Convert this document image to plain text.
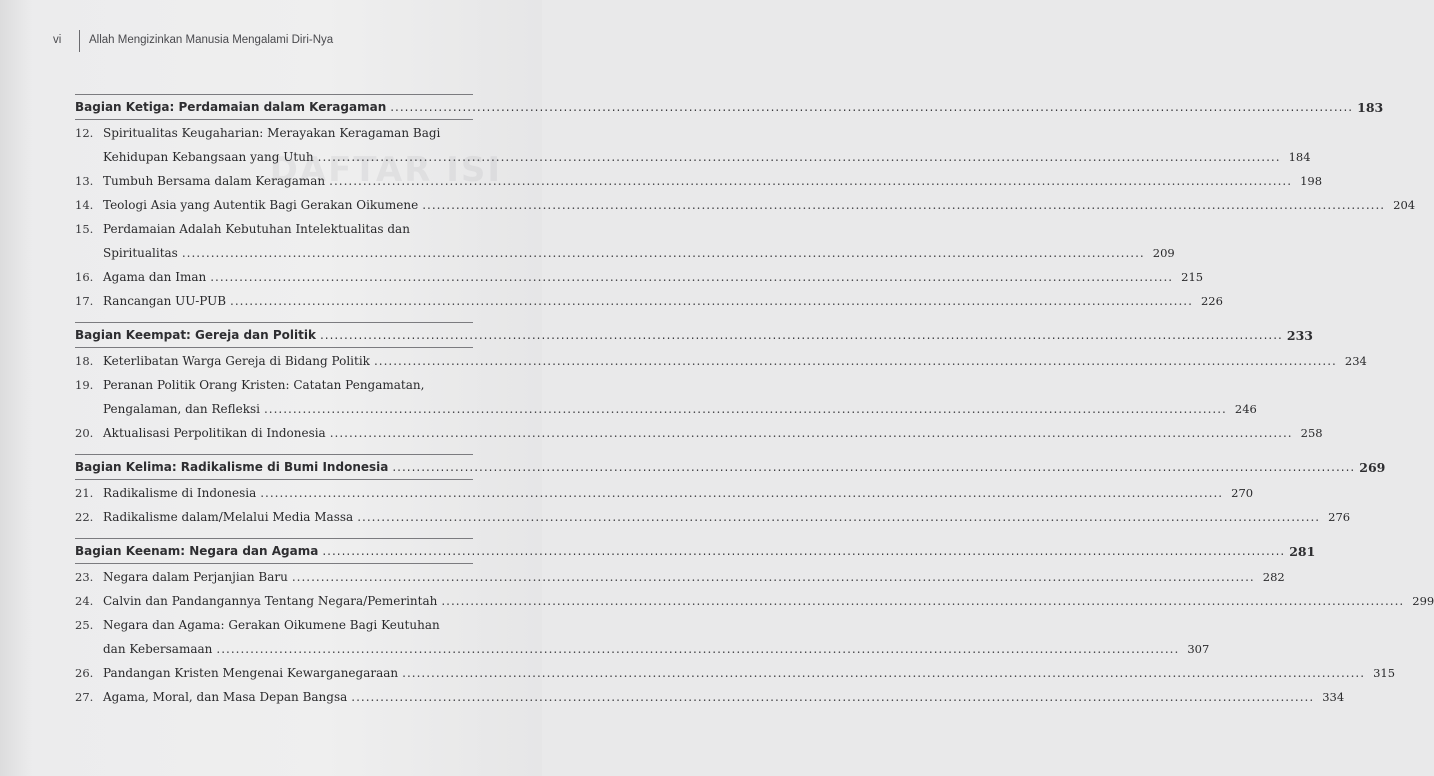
DAFTAR ISI
vi Allah Mengizinkan Manusia Mengalami Diri-Nya
Bagian Ketiga: Perdamaian dalam Keragaman .....	183
12. Spiritualitas Keugaharian: Merayakan Keragaman Bagi
Kehidupan Kebangsaan yang Utuh .....	184
13. Tumbuh Bersama dalam Keragaman .....	198
14. Teologi Asia yang Autentik Bagi Gerakan Oikumene .....	204
15. Perdamaian Adalah Kebutuhan Intelektualitas dan
Spiritualitas .....	209
16. Agama dan Iman .....	215
17. Rancangan UU-PUB .....	226
Bagian Keempat: Gereja dan Politik .....	233
18. Keterlibatan Warga Gereja di Bidang Politik .....	234
19. Peranan Politik Orang Kristen: Catatan Pengamatan,
Pengalaman, dan Refleksi .....	246
20. Aktualisasi Perpolitikan di Indonesia .....	258
Bagian Kelima: Radikalisme di Bumi Indonesia .....	269
21. Radikalisme di Indonesia .....	270
22. Radikalisme dalam/Melalui Media Massa .....	276
Bagian Keenam: Negara dan Agama .....	281
23. Negara dalam Perjanjian Baru .....	282
24. Calvin dan Pandangannya Tentang Negara/Pemerintah .....	299
25. Negara dan Agama: Gerakan Oikumene Bagi Keutuhan
dan Kebersamaan .....	307
26. Pandangan Kristen Mengenai Kewarganegaraan .....	315
27. Agama, Moral, dan Masa Depan Bangsa .....	334
